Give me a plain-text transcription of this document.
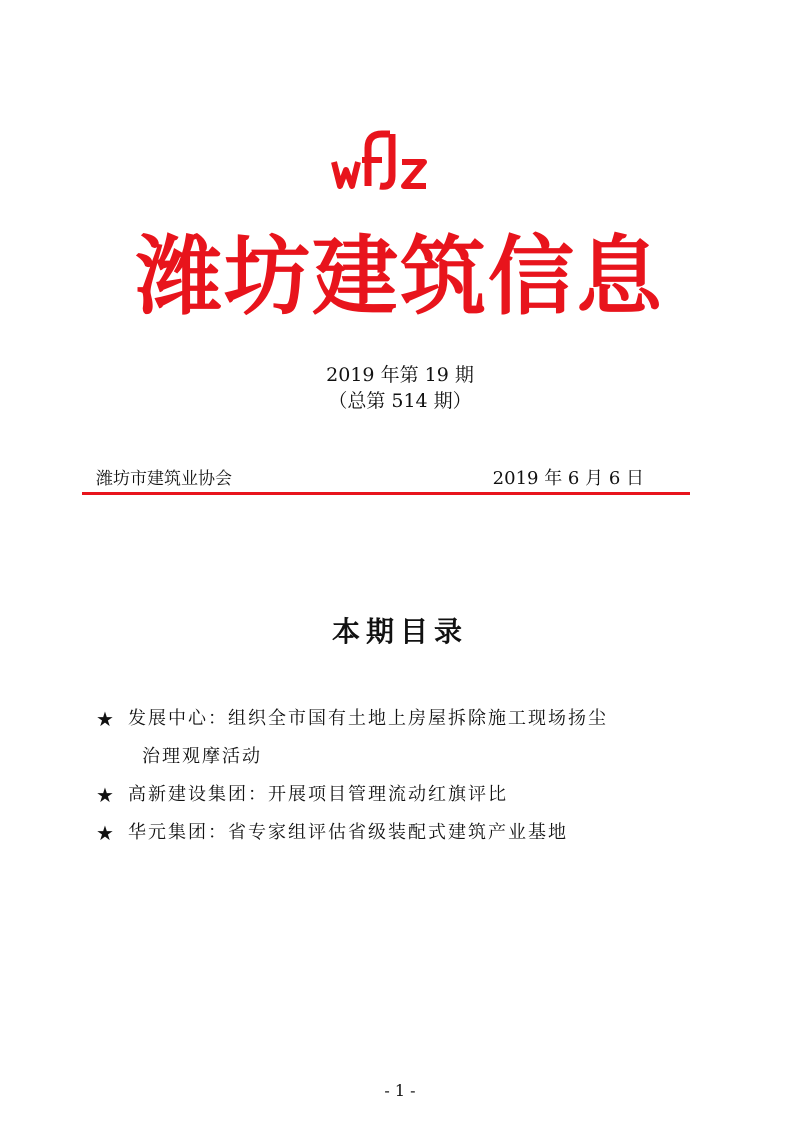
潍坊建筑信息
2019 年第 19 期
（总第 514 期）
潍坊市建筑业协会	2019 年 6 月 6 日
本期目录
★ 发展中心：组织全市国有土地上房屋拆除施工现场扬尘
治理观摩活动
★ 高新建设集团：开展项目管理流动红旗评比
★ 华元集团：省专家组评估省级装配式建筑产业基地
- 1 -
